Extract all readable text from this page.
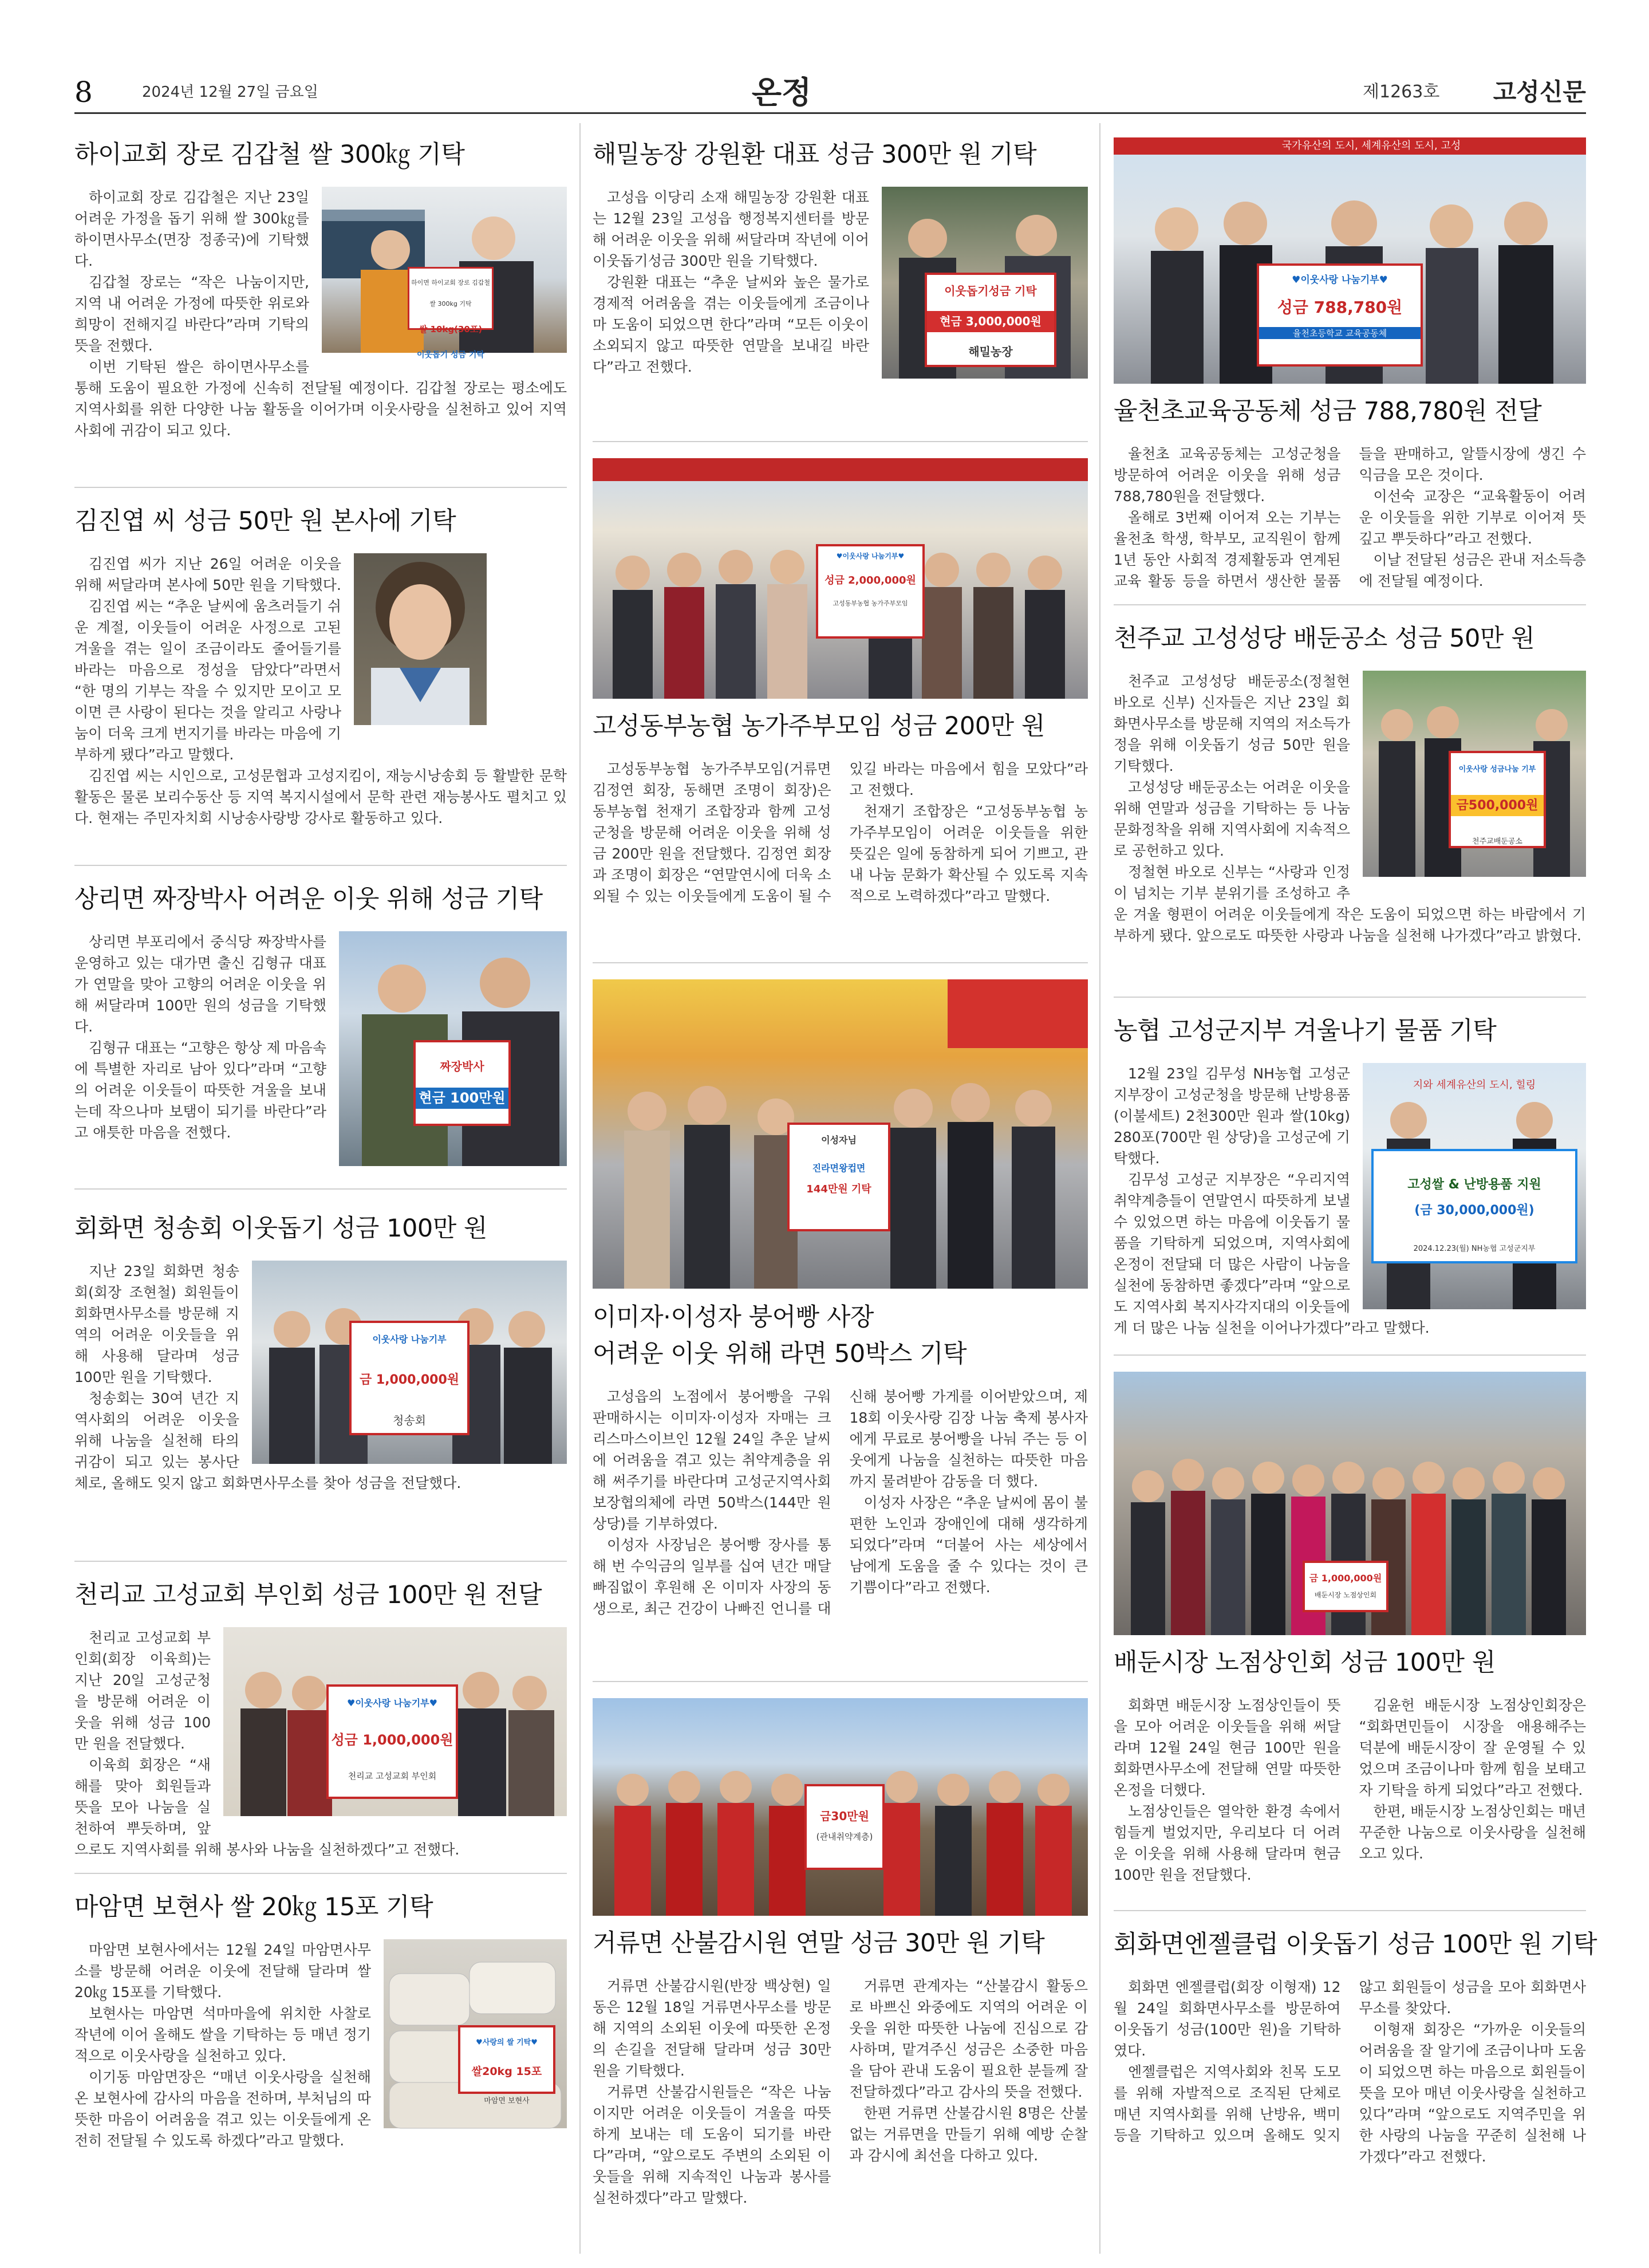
8	2024년 12월 27일 금요일	온정	제1263호 고성신문
하이교회 장로 김갑철 쌀 300㎏ 기탁
하이면 하이교회 장로 김갑철 쌀 300kg 기탁
쌀 10kg(30포)
이웃돕기 성금 기탁

하이교회 장로 김갑철은 지난 23일 어려운 가정을 돕기 위해 쌀 300㎏를 하이면사무소(면장 정종국)에 기탁했다.

김갑철 장로는 “작은 나눔이지만, 지역 내 어려운 가정에 따뜻한 위로와 희망이 전해지길 바란다”라며 기탁의 뜻을 전했다.

이번 기탁된 쌀은 하이면사무소를 통해 도움이 필요한 가정에 신속히 전달될 예정이다. 김갑철 장로는 평소에도 지역사회를 위한 다양한 나눔 활동을 이어가며 이웃사랑을 실천하고 있어 지역 사회에 귀감이 되고 있다.

김진엽 씨 성금 50만 원 본사에 기탁

김진엽 씨가 지난 26일 어려운 이웃을 위해 써달라며 본사에 50만 원을 기탁했다.

김진엽 씨는 “추운 날씨에 움츠러들기 쉬운 계절, 이웃들이 어려운 사정으로 고된 겨울을 겪는 일이 조금이라도 줄어들기를 바라는 마음으로 정성을 담았다”라면서 “한 명의 기부는 작을 수 있지만 모이고 모이면 큰 사랑이 된다는 것을 알리고 사랑나눔이 더욱 크게 번지기를 바라는 마음에 기부하게 됐다”라고 말했다.

김진엽 씨는 시인으로, 고성문협과 고성지킴이, 재능시낭송회 등 활발한 문학활동은 물론 보리수동산 등 지역 복지시설에서 문학 관련 재능봉사도 펼치고 있다. 현재는 주민자치회 시낭송사랑방 강사로 활동하고 있다.

상리면 짜장박사 어려운 이웃 위해 성금 기탁
짜장박사
현금 100만원

상리면 부포리에서 중식당 짜장박사를 운영하고 있는 대가면 출신 김형규 대표가 연말을 맞아 고향의 어려운 이웃을 위해 써달라며 100만 원의 성금을 기탁했다.

김형규 대표는 “고향은 항상 제 마음속에 특별한 자리로 남아 있다”라며 “고향의 어려운 이웃들이 따뜻한 겨울을 보내는데 작으나마 보탬이 되기를 바란다”라고 애틋한 마음을 전했다.

회화면 청송회 이웃돕기 성금 100만 원
이웃사랑 나눔기부
금 1,000,000원
청송회

지난 23일 회화면 청송회(회장 조현철) 회원들이 회화면사무소를 방문해 지역의 어려운 이웃들을 위해 사용해 달라며 성금 100만 원을 기탁했다.

청송회는 30여 년간 지역사회의 어려운 이웃을 위해 나눔을 실천해 타의 귀감이 되고 있는 봉사단체로, 올해도 잊지 않고 회화면사무소를 찾아 성금을 전달했다.

천리교 고성교회 부인회 성금 100만 원 전달
♥이웃사랑 나눔기부♥
성금 1,000,000원
천리교 고성교회 부인회

천리교 고성교회 부인회(회장 이육희)는 지난 20일 고성군청을 방문해 어려운 이웃을 위해 성금 100만 원을 전달했다.

이육희 회장은 “새해를 맞아 회원들과 뜻을 모아 나눔을 실천하여 뿌듯하며, 앞으로도 지역사회를 위해 봉사와 나눔을 실천하겠다”고 전했다.

마암면 보현사 쌀 20㎏ 15포 기탁
♥사랑의 쌀 기탁♥
쌀20kg 15포
마암면 보현사

마암면 보현사에서는 12월 24일 마암면사무소를 방문해 어려운 이웃에 전달해 달라며 쌀 20㎏ 15포를 기탁했다.

보현사는 마암면 석마마을에 위치한 사찰로 작년에 이어 올해도 쌀을 기탁하는 등 매년 정기적으로 이웃사랑을 실천하고 있다.

이기동 마암면장은 “매년 이웃사랑을 실천해 온 보현사에 감사의 마음을 전하며, 부처님의 따뜻한 마음이 어려움을 겪고 있는 이웃들에게 온전히 전달될 수 있도록 하겠다”라고 말했다.

해밀농장 강원환 대표 성금 300만 원 기탁
이웃돕기성금 기탁
현금 3,000,000원
해밀농장

고성읍 이당리 소재 해밀농장 강원환 대표는 12월 23일 고성읍 행정복지센터를 방문해 어려운 이웃을 위해 써달라며 작년에 이어 이웃돕기성금 300만 원을 기탁했다.

강원환 대표는 “추운 날씨와 높은 물가로 경제적 어려움을 겪는 이웃들에게 조금이나마 도움이 되었으면 한다”라며 “모든 이웃이 소외되지 않고 따뜻한 연말을 보내길 바란다”라고 전했다.

♥이웃사랑 나눔기부♥
성금 2,000,000원
고성동부농협 농가주부모임
고성동부농협 농가주부모임 성금 200만 원

고성동부농협 농가주부모임(거류면 김정연 회장, 동해면 조명이 회장)은 동부농협 천재기 조합장과 함께 고성군청을 방문해 어려운 이웃을 위해 성금 200만 원을 전달했다. 김정연 회장과 조명이 회장은 “연말연시에 더욱 소외될 수 있는 이웃들에게 도움이 될 수 있길 바라는 마음에서 힘을 모았다”라고 전했다.

천재기 조합장은 “고성동부농협 농가주부모임이 어려운 이웃들을 위한 뜻깊은 일에 동참하게 되어 기쁘고, 관내 나눔 문화가 확산될 수 있도록 지속적으로 노력하겠다”라고 말했다.

이성자님
진라면왕컵면
144만원 기탁
이미자·이성자 붕어빵 사장
어려운 이웃 위해 라면 50박스 기탁

고성읍의 노점에서 붕어빵을 구워 판매하시는 이미자·이성자 자매는 크리스마스이브인 12월 24일 추운 날씨에 어려움을 겪고 있는 취약계층을 위해 써주기를 바란다며 고성군지역사회보장협의체에 라면 50박스(144만 원 상당)를 기부하였다.

이성자 사장님은 붕어빵 장사를 통해 번 수익금의 일부를 십여 년간 매달 빠짐없이 후원해 온 이미자 사장의 동생으로, 최근 건강이 나빠진 언니를 대신해 붕어빵 가게를 이어받았으며, 제18회 이웃사랑 김장 나눔 축제 봉사자에게 무료로 붕어빵을 나눠 주는 등 이웃에게 나눔을 실천하는 따뜻한 마음까지 물려받아 감동을 더 했다.

이성자 사장은 “추운 날씨에 몸이 불편한 노인과 장애인에 대해 생각하게 되었다”라며 “더불어 사는 세상에서 남에게 도움을 줄 수 있다는 것이 큰 기쁨이다”라고 전했다.

금30만원
(관내취약계층)
거류면 산불감시원 연말 성금 30만 원 기탁

거류면 산불감시원(반장 백상현) 일동은 12월 18일 거류면사무소를 방문해 지역의 소외된 이웃에 따뜻한 온정의 손길을 전달해 달라며 성금 30만 원을 기탁했다.

거류면 산불감시원들은 “작은 나눔이지만 어려운 이웃들이 겨울을 따뜻하게 보내는 데 도움이 되기를 바란다”라며, “앞으로도 주변의 소외된 이웃들을 위해 지속적인 나눔과 봉사를 실천하겠다”라고 말했다.

거류면 관계자는 “산불감시 활동으로 바쁘신 와중에도 지역의 어려운 이웃을 위한 따뜻한 나눔에 진심으로 감사하며, 맡겨주신 성금은 소중한 마음을 담아 관내 도움이 필요한 분들께 잘 전달하겠다”라고 감사의 뜻을 전했다.

한편 거류면 산불감시원 8명은 산불 없는 거류면을 만들기 위해 예방 순찰과 감시에 최선을 다하고 있다.

국가유산의 도시, 세계유산의 도시, 고성
♥이웃사랑 나눔기부♥
성금 788,780원
율천초등학교 교육공동체
율천초교육공동체 성금 788,780원 전달

율천초 교육공동체는 고성군청을 방문하여 어려운 이웃을 위해 성금 788,780원을 전달했다.

올해로 3번째 이어져 오는 기부는 율천초 학생, 학부모, 교직원이 함께 1년 동안 사회적 경제활동과 연계된 교육 활동 등을 하면서 생산한 물품들을 판매하고, 알뜰시장에 생긴 수익금을 모은 것이다.

이선숙 교장은 “교육활동이 어려운 이웃들을 위한 기부로 이어져 뜻깊고 뿌듯하다”라고 전했다.

이날 전달된 성금은 관내 저소득층에 전달될 예정이다.

천주교 고성성당 배둔공소 성금 50만 원
이웃사랑 성금나눔 기부
금500,000원
천주교배둔공소

천주교 고성성당 배둔공소(정철현 바오로 신부) 신자들은 지난 23일 회화면사무소를 방문해 지역의 저소득가정을 위해 이웃돕기 성금 50만 원을 기탁했다.

고성성당 배둔공소는 어려운 이웃을 위해 연말과 성금을 기탁하는 등 나눔 문화정착을 위해 지역사회에 지속적으로 공헌하고 있다.

정철현 바오로 신부는 “사랑과 인정이 넘치는 기부 분위기를 조성하고 추운 겨울 형편이 어려운 이웃들에게 작은 도움이 되었으면 하는 바람에서 기부하게 됐다. 앞으로도 따뜻한 사랑과 나눔을 실천해 나가겠다”라고 밝혔다.

농협 고성군지부 겨울나기 물품 기탁
지와 세계유산의 도시, 힐링
고성쌀 & 난방용품 지원
(금 30,000,000원)
2024.12.23(월) NH농협 고성군지부

12월 23일 김무성 NH농협 고성군 지부장이 고성군청을 방문해 난방용품(이불세트) 2천300만 원과 쌀(10kg) 280포(700만 원 상당)을 고성군에 기탁했다.

김무성 고성군 지부장은 “우리지역 취약계층들이 연말연시 따뜻하게 보낼 수 있었으면 하는 마음에 이웃돕기 물품을 기탁하게 되었으며, 지역사회에 온정이 전달돼 더 많은 사람이 나눔을 실천에 동참하면 좋겠다”라며 “앞으로도 지역사회 복지사각지대의 이웃들에게 더 많은 나눔 실천을 이어나가겠다”라고 말했다.

금 1,000,000원
배둔시장 노점상인회
배둔시장 노점상인회 성금 100만 원

회화면 배둔시장 노점상인들이 뜻을 모아 어려운 이웃들을 위해 써달라며 12월 24일 현금 100만 원을 회화면사무소에 전달해 연말 따뜻한 온정을 더했다.

노점상인들은 열악한 환경 속에서 힘들게 벌었지만, 우리보다 더 어려운 이웃을 위해 사용해 달라며 현금 100만 원을 전달했다.

김윤헌 배둔시장 노점상인회장은 “회화면민들이 시장을 애용해주는 덕분에 배둔시장이 잘 운영될 수 있었으며 조금이나마 함께 힘을 보태고자 기탁을 하게 되었다”라고 전했다.

한편, 배둔시장 노점상인회는 매년 꾸준한 나눔으로 이웃사랑을 실천해오고 있다.

회화면엔젤클럽 이웃돕기 성금 100만 원 기탁

회화면 엔젤클럽(회장 이형재) 12월 24일 회화면사무소를 방문하여 이웃돕기 성금(100만 원)을 기탁하였다.

엔젤클럽은 지역사회와 친목 도모를 위해 자발적으로 조직된 단체로 매년 지역사회를 위해 난방유, 백미 등을 기탁하고 있으며 올해도 잊지 않고 회원들이 성금을 모아 회화면사무소를 찾았다.

이형재 회장은 “가까운 이웃들의 어려움을 잘 알기에 조금이나마 도움이 되었으면 하는 마음으로 회원들이 뜻을 모아 매년 이웃사랑을 실천하고 있다”라며 “앞으로도 지역주민을 위한 사랑의 나눔을 꾸준히 실천해 나가겠다”라고 전했다.
